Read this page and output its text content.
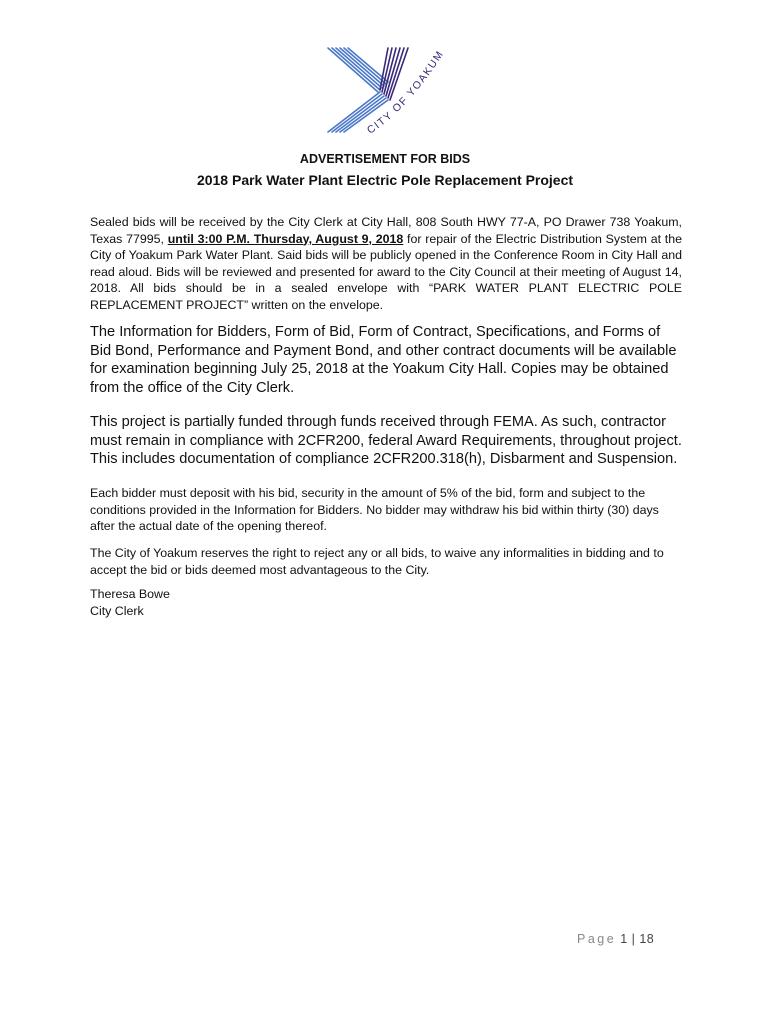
CITY OF YOAKUM

ADVERTISEMENT FOR BIDS

2018 Park Water Plant Electric Pole Replacement Project

Sealed bids will be received by the City Clerk at City Hall, 808 South HWY 77-A, PO Drawer 738 Yoakum, Texas 77995, until 3:00 P.M. Thursday, August 9, 2018 for repair of the Electric Distribution System at the City of Yoakum Park Water Plant. Said bids will be publicly opened in the Conference Room in City Hall and read aloud. Bids will be reviewed and presented for award to the City Council at their meeting of August 14, 2018. All bids should be in a sealed envelope with “PARK WATER PLANT ELECTRIC POLE REPLACEMENT PROJECT” written on the envelope.

The Information for Bidders, Form of Bid, Form of Contract, Specifications, and Forms of Bid Bond, Performance and Payment Bond, and other contract documents will be available for examination beginning July 25, 2018 at the Yoakum City Hall. Copies may be obtained from the office of the City Clerk.

This project is partially funded through funds received through FEMA. As such, contractor must remain in compliance with 2CFR200, federal Award Requirements, throughout project. This includes documentation of compliance 2CFR200.318(h), Disbarment and Suspension.

Each bidder must deposit with his bid, security in the amount of 5% of the bid, form and subject to the conditions provided in the Information for Bidders. No bidder may withdraw his bid within thirty (30) days after the actual date of the opening thereof.

The City of Yoakum reserves the right to reject any or all bids, to waive any informalities in bidding and to accept the bid or bids deemed most advantageous to the City.

Theresa Bowe

City Clerk

Page 1 | 18
